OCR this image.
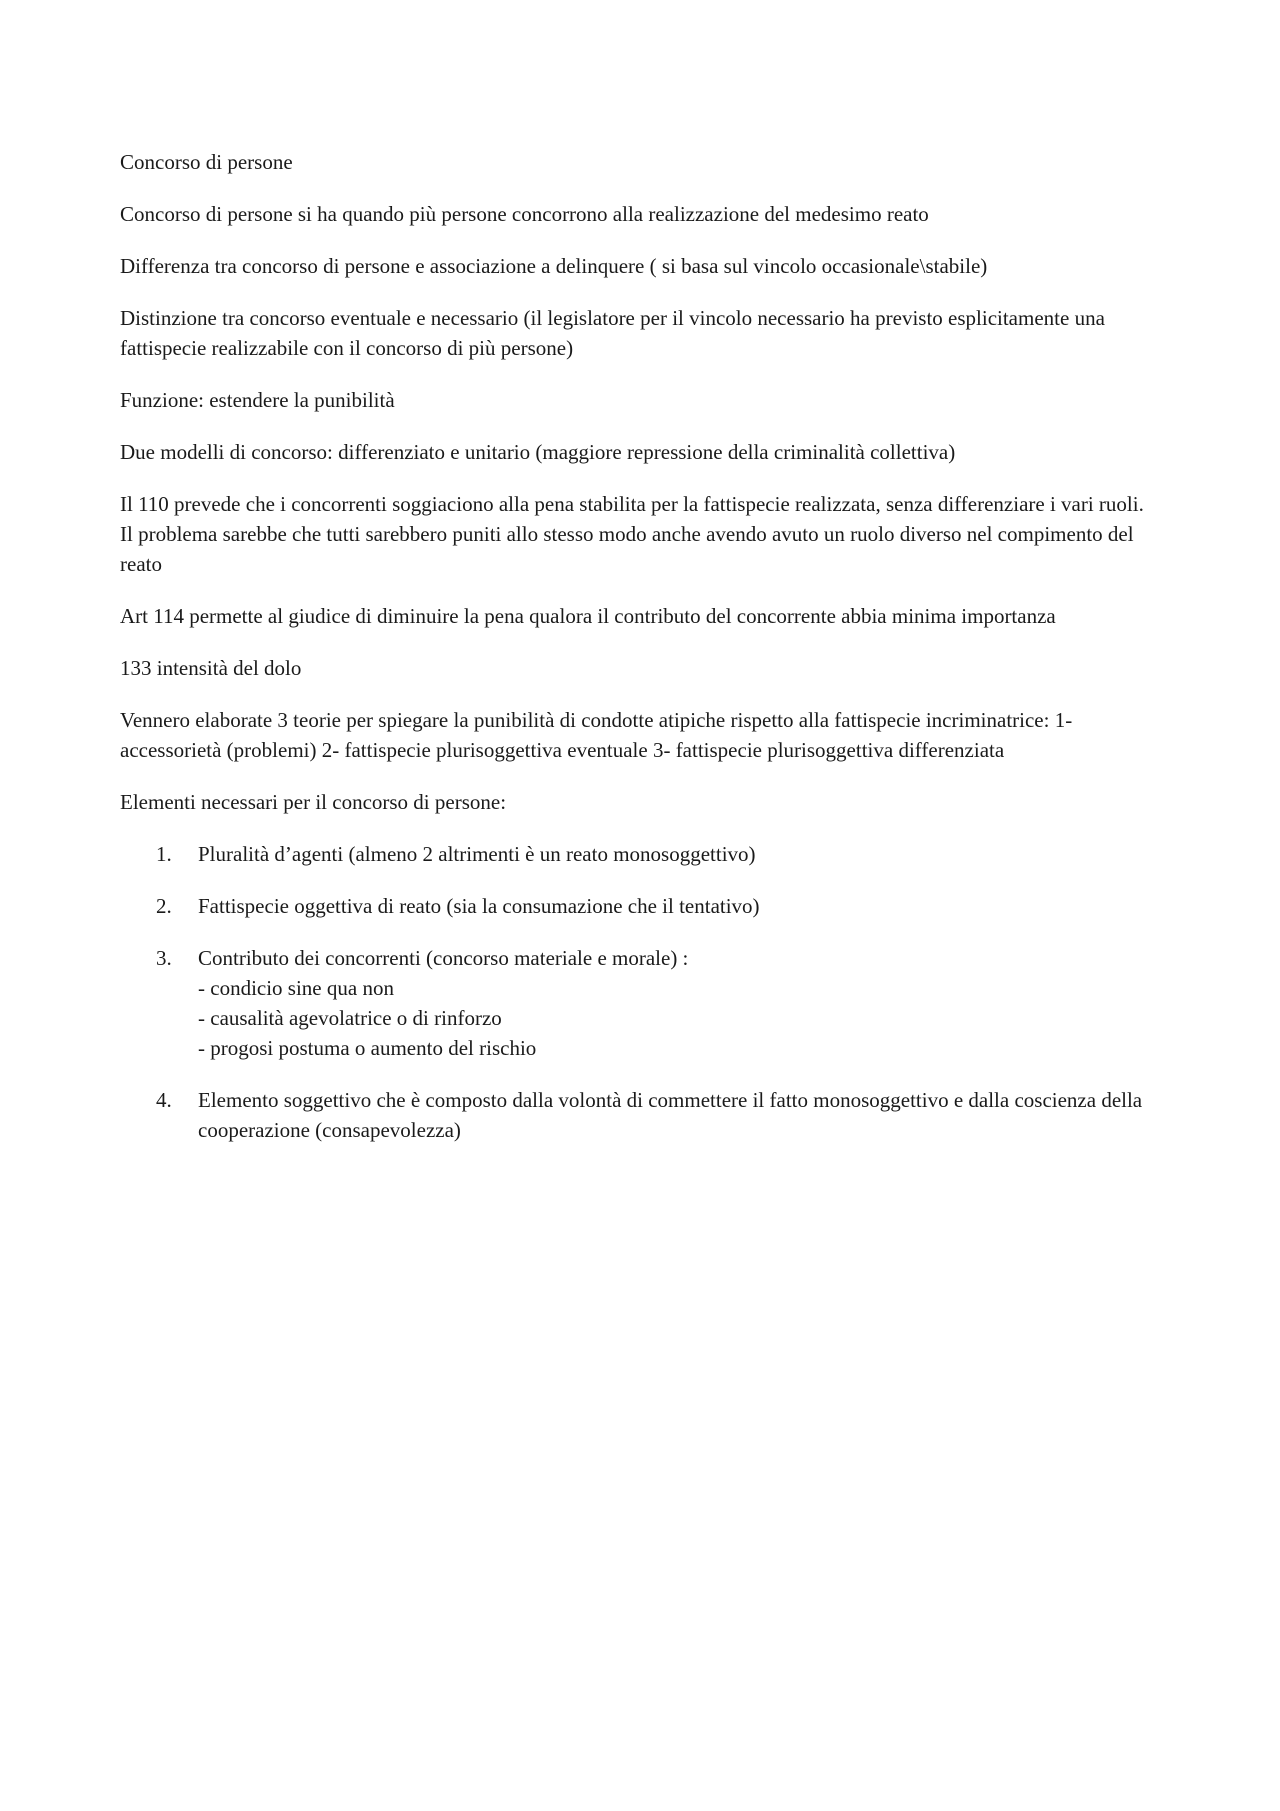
Concorso di persone

Concorso di persone si ha quando più persone concorrono alla realizzazione del medesimo reato

Differenza tra concorso di persone e associazione a delinquere ( si basa sul vincolo occasionale\stabile)

Distinzione tra concorso eventuale e necessario (il legislatore per il vincolo necessario ha previsto esplicitamente una fattispecie realizzabile con il concorso di più persone)

Funzione: estendere la punibilità

Due modelli di concorso: differenziato e unitario (maggiore repressione della criminalità collettiva)

Il 110 prevede che i concorrenti soggiaciono alla pena stabilita per la fattispecie realizzata, senza differenziare i vari ruoli. Il problema sarebbe che tutti sarebbero puniti allo stesso modo anche avendo avuto un ruolo diverso nel compimento del reato

Art 114 permette al giudice di diminuire la pena qualora il contributo del concorrente abbia minima importanza

133 intensità del dolo

Vennero elaborate 3 teorie per spiegare la punibilità di condotte atipiche rispetto alla fattispecie incriminatrice: 1- accessorietà (problemi) 2- fattispecie plurisoggettiva eventuale 3- fattispecie plurisoggettiva differenziata

Elementi necessari per il concorso di persone:

1.	Pluralità d’agenti (almeno 2 altrimenti è un reato monosoggettivo)
2.	Fattispecie oggettiva di reato (sia la consumazione che il tentativo)
3.	Contributo dei concorrenti (concorso materiale e morale) :
- condicio sine qua non
- causalità agevolatrice o di rinforzo
- progosi postuma o aumento del rischio
4.	Elemento soggettivo che è composto dalla volontà di commettere il fatto monosoggettivo e dalla coscienza della cooperazione (consapevolezza)
